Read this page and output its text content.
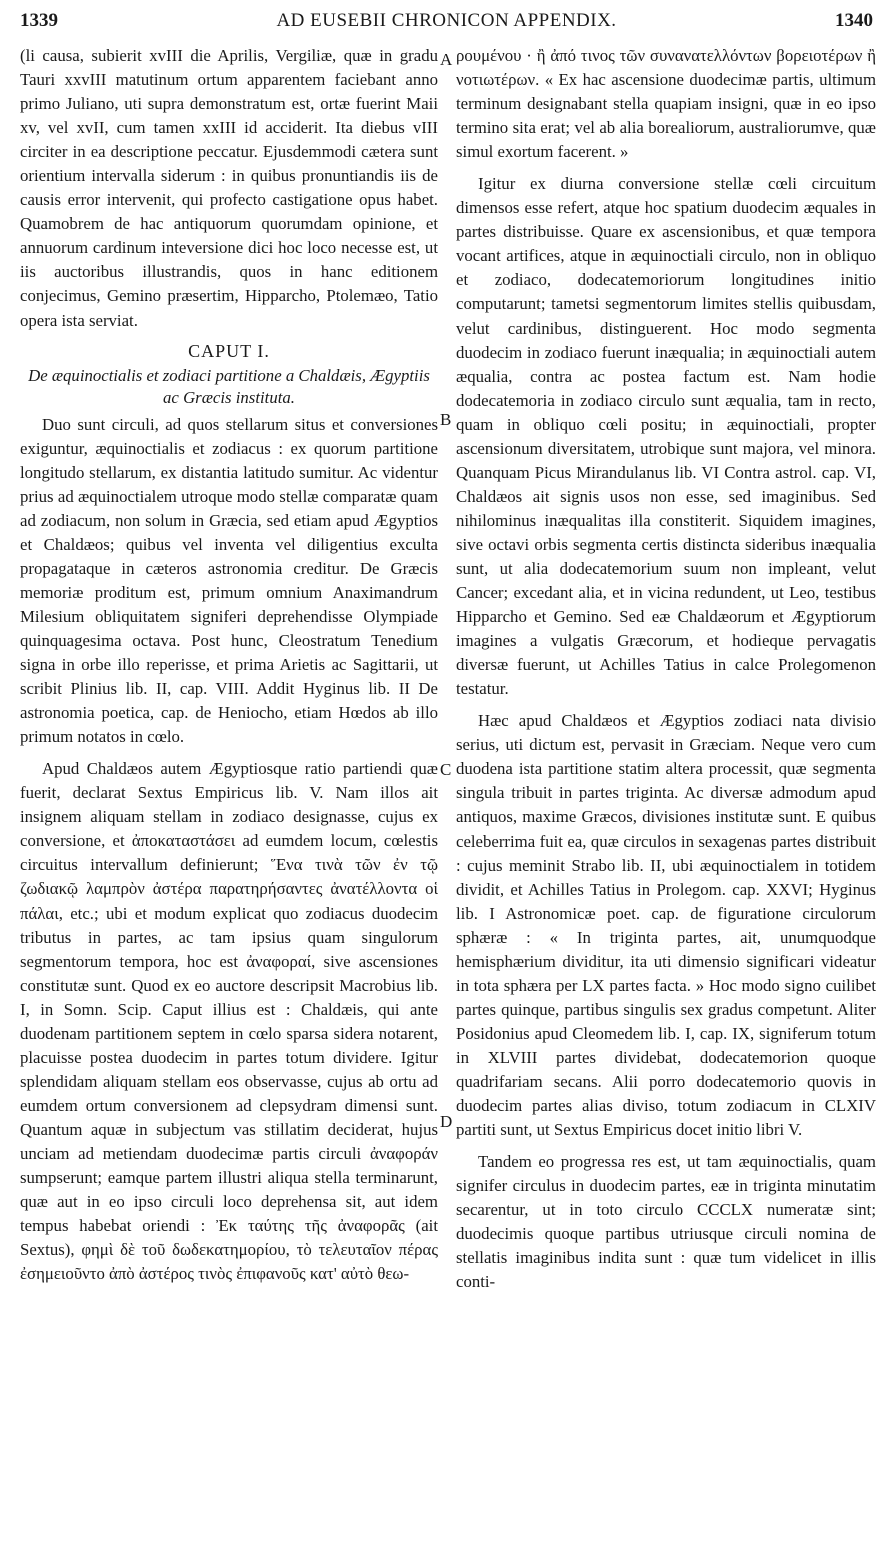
1339	AD EUSEBII CHRONICON APPENDIX.	1340
A
B
C
D

(li causa, subierit xvIII die Aprilis, Vergiliæ, quæ in gradu Tauri xxvIII matutinum ortum apparentem faciebant anno primo Juliano, uti supra demonstratum est, ortæ fuerint Maii xv, vel xvII, cum tamen xxIII id acciderit. Ita diebus vIII circiter in ea descriptione peccatur. Ejusdemmodi cætera sunt orientium intervalla siderum : in quibus pronuntiandis iis de causis error intervenit, qui profecto castigatione opus habet. Quamobrem de hac antiquorum quorumdam opinione, et annuorum cardinum inteversione dici hoc loco necesse est, ut iis auctoribus illustrandis, quos in hanc editionem conjecimus, Gemino præsertim, Hipparcho, Ptolemæo, Tatio opera ista serviat.

CAPUT I.
De æquinoctialis et zodiaci partitione a Chaldæis, Ægyptiis ac Græcis instituta.

Duo sunt circuli, ad quos stellarum situs et conversiones exiguntur, æquinoctialis et zodiacus : ex quorum partitione longitudo stellarum, ex distantia latitudo sumitur. Ac videntur prius ad æquinoctialem utroque modo stellæ comparatæ quam ad zodiacum, non solum in Græcia, sed etiam apud Ægyptios et Chaldæos; quibus vel inventa vel diligentius exculta propagataque in cæteros astronomia creditur. De Græcis memoriæ proditum est, primum omnium Anaximandrum Milesium obliquitatem signiferi deprehendisse Olympiade quinquagesima octava. Post hunc, Cleostratum Tenedium signa in orbe illo reperisse, et prima Arietis ac Sagittarii, ut scribit Plinius lib. II, cap. VIII. Addit Hyginus lib. II De astronomia poetica, cap. de Heniocho, etiam Hœdos ab illo primum notatos in cœlo.

Apud Chaldæos autem Ægyptiosque ratio partiendi quæ fuerit, declarat Sextus Empiricus lib. V. Nam illos ait insignem aliquam stellam in zodiaco designasse, cujus ex conversione, et ἀποκαταστάσει ad eumdem locum, cœlestis circuitus intervallum definierunt; Ἕνα τινὰ τῶν ἐν τῷ ζωδιακῷ λαμπρὸν ἀστέρα παρατηρήσαντες ἀνατέλλοντα οἱ πάλαι, etc.; ubi et modum explicat quo zodiacus duodecim tributus in partes, ac tam ipsius quam singulorum segmentorum tempora, hoc est ἀναφοραί, sive ascensiones constitutæ sunt. Quod ex eo auctore descripsit Macrobius lib. I, in Somn. Scip. Caput illius est : Chaldæis, qui ante duodenam partitionem septem in cœlo sparsa sidera notarent, placuisse postea duodecim in partes totum dividere. Igitur splendidam aliquam stellam eos observasse, cujus ab ortu ad eumdem ortum conversionem ad clepsydram dimensi sunt. Quantum aquæ in subjectum vas stillatim deciderat, hujus unciam ad metiendam duodecimæ partis circuli ἀναφοράν sumpserunt; eamque partem illustri aliqua stella terminarunt, quæ aut in eo ipso circuli loco deprehensa sit, aut idem tempus habebat oriendi : Ἐκ ταύτης τῆς ἀναφορᾶς (ait Sextus), φημὶ δὲ τοῦ δωδεκατημορίου, τὸ τελευταῖον πέρας ἐσημειοῦντο ἀπὸ ἀστέρος τινὸς ἐπιφανοῦς κατ' αὐτὸ θεω-

ρουμένου · ἢ ἀπό τινος τῶν συνανατελλόντων βορειοτέρων ἢ νοτιωτέρων. « Ex hac ascensione duodecimæ partis, ultimum terminum designabant stella quapiam insigni, quæ in eo ipso termino sita erat; vel ab alia borealiorum, australiorumve, quæ simul exortum facerent. »

Igitur ex diurna conversione stellæ cœli circuitum dimensos esse refert, atque hoc spatium duodecim æquales in partes distribuisse. Quare ex ascensionibus, et quæ tempora vocant artifices, atque in æquinoctiali circulo, non in obliquo et zodiaco, dodecatemoriorum longitudines initio computarunt; tametsi segmentorum limites stellis quibusdam, velut cardinibus, distinguerent. Hoc modo segmenta duodecim in zodiaco fuerunt inæqualia; in æquinoctiali autem æqualia, contra ac postea factum est. Nam hodie dodecatemoria in zodiaco circulo sunt æqualia, tam in recto, quam in obliquo cœli positu; in æquinoctiali, propter ascensionum diversitatem, utrobique sunt majora, vel minora. Quanquam Picus Mirandulanus lib. VI Contra astrol. cap. VI, Chaldæos ait signis usos non esse, sed imaginibus. Sed nihilominus inæqualitas illa constiterit. Siquidem imagines, sive octavi orbis segmenta certis distincta sideribus inæqualia sunt, ut alia dodecatemorium suum non impleant, velut Cancer; excedant alia, et in vicina redundent, ut Leo, testibus Hipparcho et Gemino. Sed eæ Chaldæorum et Ægyptiorum imagines a vulgatis Græcorum, et hodieque pervagatis diversæ fuerunt, ut Achilles Tatius in calce Prolegomenon testatur.

Hæc apud Chaldæos et Ægyptios zodiaci nata divisio serius, uti dictum est, pervasit in Græciam. Neque vero cum duodena ista partitione statim altera processit, quæ segmenta singula tribuit in partes triginta. Ac diversæ admodum apud antiquos, maxime Græcos, divisiones institutæ sunt. E quibus celeberrima fuit ea, quæ circulos in sexagenas partes distribuit : cujus meminit Strabo lib. II, ubi æquinoctialem in totidem dividit, et Achilles Tatius in Prolegom. cap. XXVI; Hyginus lib. I Astronomicæ poet. cap. de figuratione circulorum sphæræ : « In triginta partes, ait, unumquodque hemisphærium dividitur, ita uti dimensio significari videatur in tota sphæra per LX partes facta. » Hoc modo signo cuilibet partes quinque, partibus singulis sex gradus competunt. Aliter Posidonius apud Cleomedem lib. I, cap. IX, signiferum totum in XLVIII partes dividebat, dodecatemorion quoque quadrifariam secans. Alii porro dodecatemorio quovis in duodecim partes alias diviso, totum zodiacum in CLXIV partiti sunt, ut Sextus Empiricus docet initio libri V.

Tandem eo progressa res est, ut tam æquinoctialis, quam signifer circulus in duodecim partes, eæ in triginta minutatim secarentur, ut in toto circulo CCCLX numeratæ sint; duodecimis quoque partibus utriusque circuli nomina de stellatis imaginibus indita sunt : quæ tum videlicet in illis conti-
